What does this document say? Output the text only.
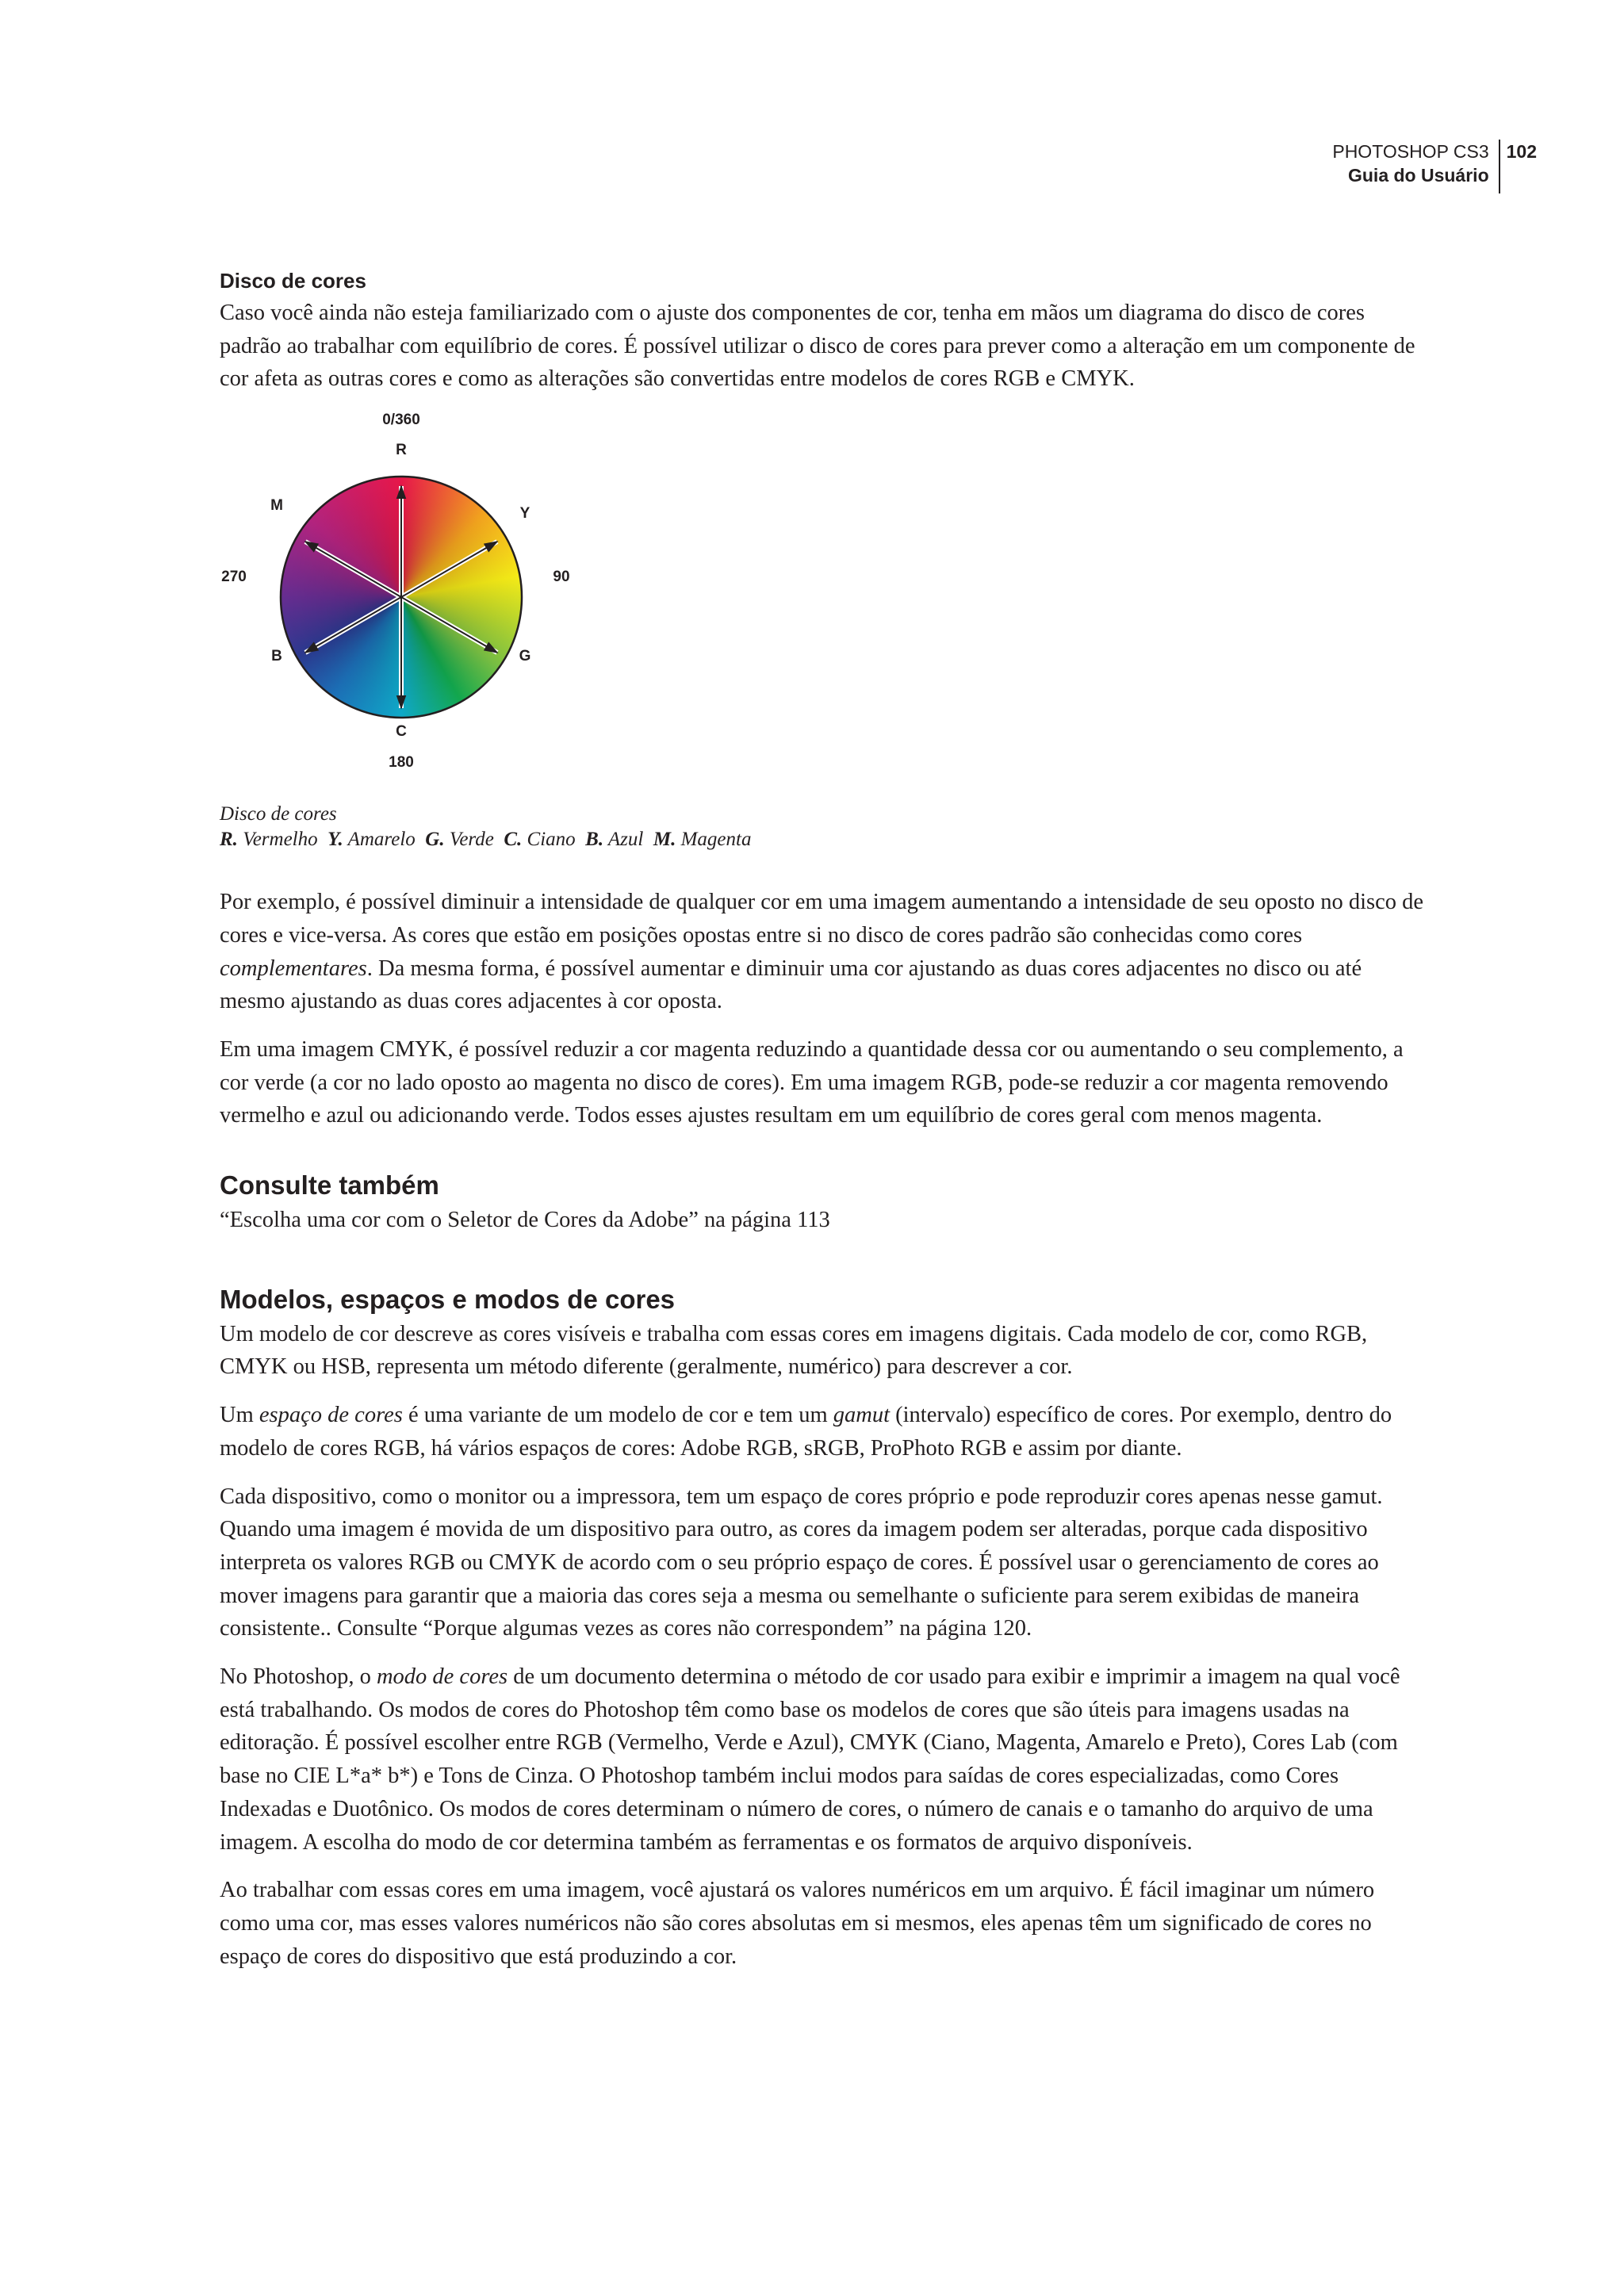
PHOTOSHOP CS3
Guia do Usuário
102
Disco de cores

Caso você ainda não esteja familiarizado com o ajuste dos componentes de cor, tenha em mãos um diagrama do disco de cores padrão ao trabalhar com equilíbrio de cores. É possível utilizar o disco de cores para prever como a alteração em um componente de cor afeta as outras cores e como as alterações são convertidas entre modelos de cores RGB e CMYK.

0/360
R
Y
M
270	90
B	G
C
180

Disco de cores

R. Vermelho Y. Amarelo G. Verde C. Ciano B. Azul M. Magenta

Por exemplo, é possível diminuir a intensidade de qualquer cor em uma imagem aumentando a intensidade de seu oposto no disco de cores e vice-versa. As cores que estão em posições opostas entre si no disco de cores padrão são conhecidas como cores complementares. Da mesma forma, é possível aumentar e diminuir uma cor ajustando as duas cores adjacentes no disco ou até mesmo ajustando as duas cores adjacentes à cor oposta.

Em uma imagem CMYK, é possível reduzir a cor magenta reduzindo a quantidade dessa cor ou aumentando o seu complemento, a cor verde (a cor no lado oposto ao magenta no disco de cores). Em uma imagem RGB, pode-se reduzir a cor magenta removendo vermelho e azul ou adicionando verde. Todos esses ajustes resultam em um equilíbrio de cores geral com menos magenta.

Consulte também

“Escolha uma cor com o Seletor de Cores da Adobe” na página 113

Modelos, espaços e modos de cores

Um modelo de cor descreve as cores visíveis e trabalha com essas cores em imagens digitais. Cada modelo de cor, como RGB, CMYK ou HSB, representa um método diferente (geralmente, numérico) para descrever a cor.

Um espaço de cores é uma variante de um modelo de cor e tem um gamut (intervalo) específico de cores. Por exemplo, dentro do modelo de cores RGB, há vários espaços de cores: Adobe RGB, sRGB, ProPhoto RGB e assim por diante.

Cada dispositivo, como o monitor ou a impressora, tem um espaço de cores próprio e pode reproduzir cores apenas nesse gamut. Quando uma imagem é movida de um dispositivo para outro, as cores da imagem podem ser alteradas, porque cada dispositivo interpreta os valores RGB ou CMYK de acordo com o seu próprio espaço de cores. É possível usar o gerenciamento de cores ao mover imagens para garantir que a maioria das cores seja a mesma ou semelhante o suficiente para serem exibidas de maneira consistente.. Consulte “Porque algumas vezes as cores não correspondem” na página 120.

No Photoshop, o modo de cores de um documento determina o método de cor usado para exibir e imprimir a imagem na qual você está trabalhando. Os modos de cores do Photoshop têm como base os modelos de cores que são úteis para imagens usadas na editoração. É possível escolher entre RGB (Vermelho, Verde e Azul), CMYK (Ciano, Magenta, Amarelo e Preto), Cores Lab (com base no CIE L*a* b*) e Tons de Cinza. O Photoshop também inclui modos para saídas de cores especializadas, como Cores Indexadas e Duotônico. Os modos de cores determinam o número de cores, o número de canais e o tamanho do arquivo de uma imagem. A escolha do modo de cor determina também as ferramentas e os formatos de arquivo disponíveis.

Ao trabalhar com essas cores em uma imagem, você ajustará os valores numéricos em um arquivo. É fácil imaginar um número como uma cor, mas esses valores numéricos não são cores absolutas em si mesmos, eles apenas têm um significado de cores no espaço de cores do dispositivo que está produzindo a cor.
